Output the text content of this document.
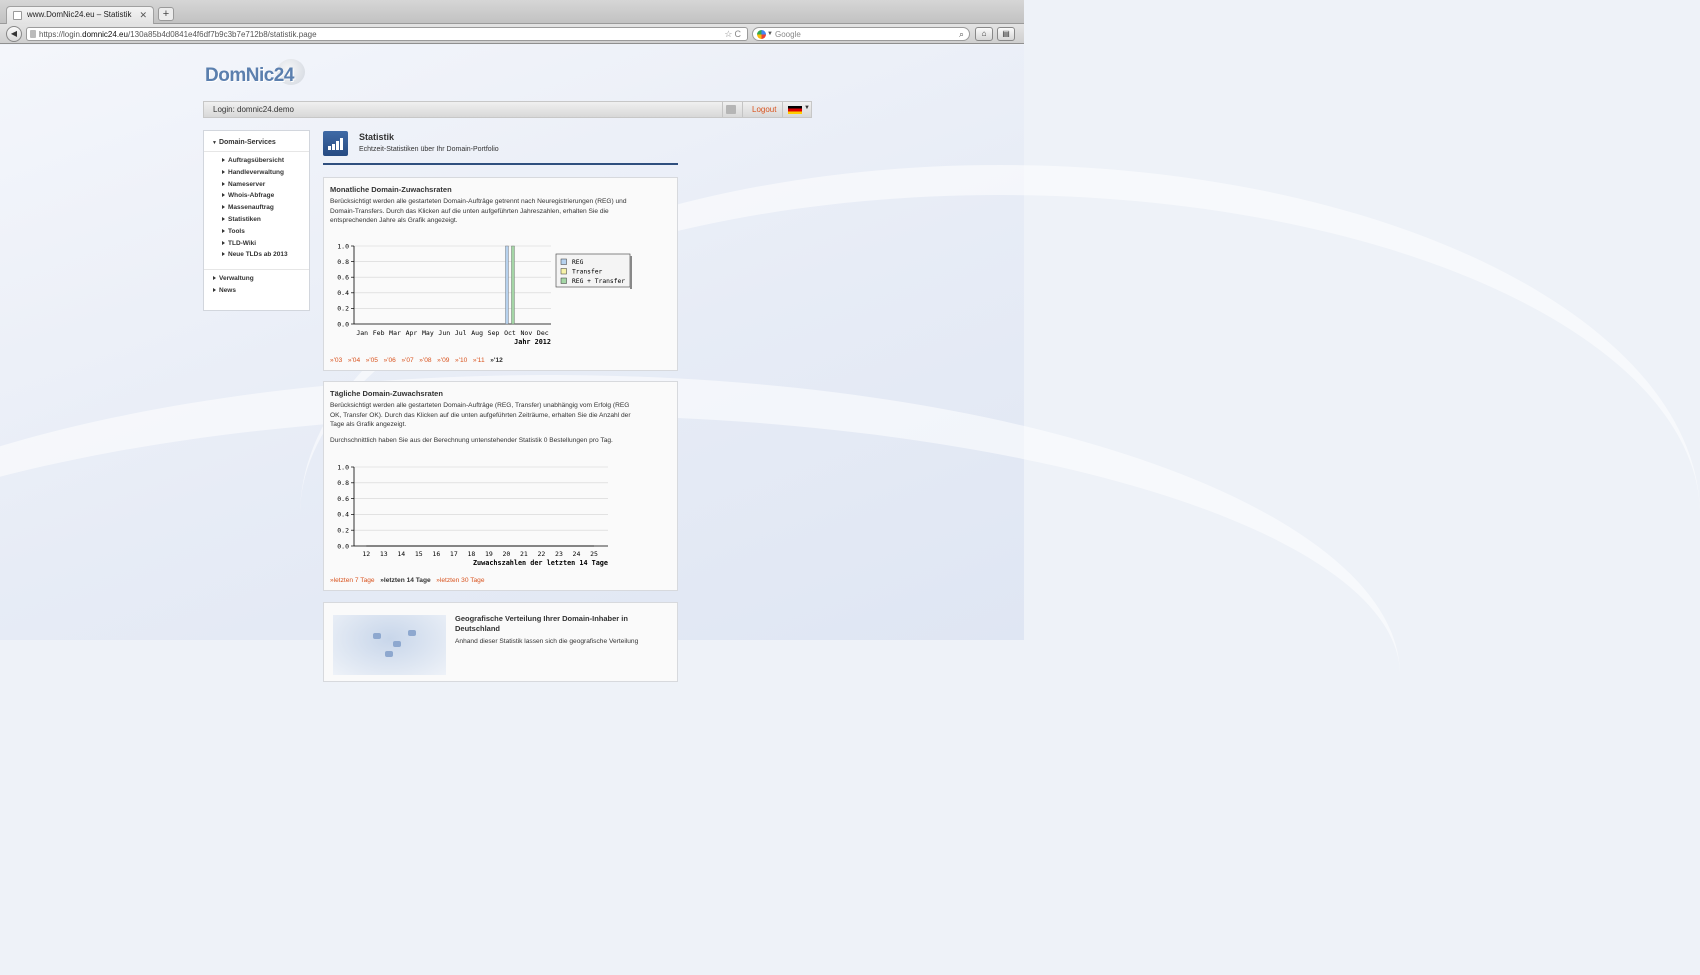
www.DomNic24.eu – Statistik ✕	+
◀	https://login.domnic24.eu/130a85b4d0841e4f6df7b9c3b7e712b8/statistik.page	☆C	▼ Google	⌕	⌂	▤
DomNic24
Login: domnic24.demo	Logout	▼
▼ Domain-Services
Auftragsübersicht
Handleverwaltung
Nameserver
Whois-Abfrage
Massenauftrag
Statistiken
Tools
TLD-Wiki
Neue TLDs ab 2013
Verwaltung
News
Statistik
Echtzeit-Statistiken über Ihr Domain-Portfolio
Monatliche Domain-Zuwachsraten

Berücksichtigt werden alle gestarteten Domain-Aufträge getrennt nach Neuregistrierungen (REG) und

Domain-Transfers. Durch das Klicken auf die unten aufgeführten Jahreszahlen, erhalten Sie die

entsprechenden Jahre als Grafik angezeigt.

0.0
0.2
0.4
0.6
0.8
1.0
Jan Feb Mar Apr May Jun Jul Aug Sep Oct Nov Dec
Jahr 2012
REG
Transfer
REG + Transfer
»'03 »'04 »'05 »'06 »'07 »'08 »'09 »'10 »'11 »'12
Tägliche Domain-Zuwachsraten

Berücksichtigt werden alle gestarteten Domain-Aufträge (REG, Transfer) unabhängig vom Erfolg (REG

OK, Transfer OK). Durch das Klicken auf die unten aufgeführten Zeiträume, erhalten Sie die Anzahl der

Tage als Grafik angezeigt.

Durchschnittlich haben Sie aus der Berechnung untenstehender Statistik 0 Bestellungen pro Tag.

0.0
0.2
0.4
0.6
0.8
1.0
12 13 14 15 16 17 18 19 20 21 22 23 24 25
Zuwachszahlen der letzten 14 Tage
»letzten 7 Tage »letzten 14 Tage »letzten 30 Tage
Geografische Verteilung Ihrer Domain-Inhaber in
Deutschland
Anhand dieser Statistik lassen sich die geografische Verteilung
